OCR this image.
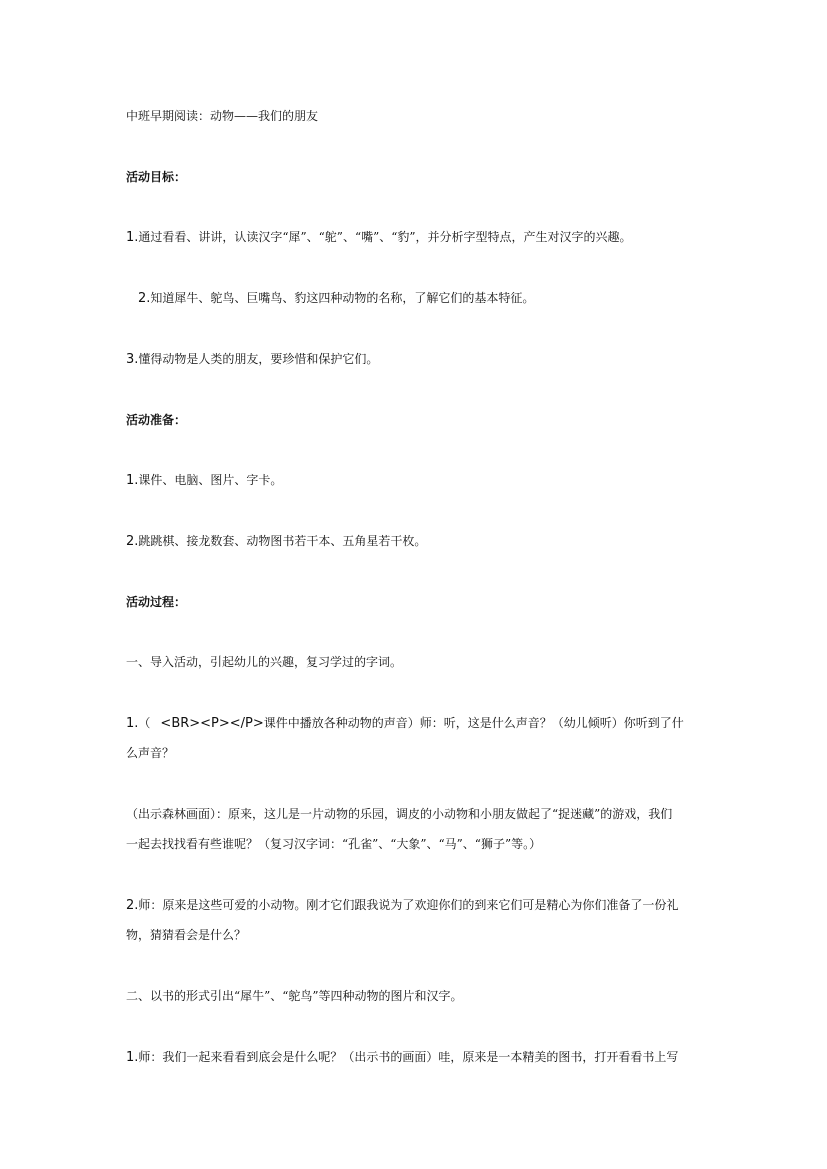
中班早期阅读：动物——我们的朋友
活动目标：
1.通过看看、讲讲，认读汉字“犀”、“鸵”、“嘴”、“豹”，并分析字型特点，产生对汉字的兴趣。
2.知道犀牛、鸵鸟、巨嘴鸟、豹这四种动物的名称，了解它们的基本特征。
3.懂得动物是人类的朋友，要珍惜和保护它们。
活动准备：
1.课件、电脑、图片、字卡。
2.跳跳棋、接龙数套、动物图书若干本、五角星若干枚。
活动过程：
一、导入活动，引起幼儿的兴趣，复习学过的字词。
1.（ <BR><P></P>课件中播放各种动物的声音）师：听，这是什么声音？（幼儿倾听）你听到了什
么声音？
（出示森林画面）：原来，这儿是一片动物的乐园，调皮的小动物和小朋友做起了“捉迷藏”的游戏，我们
一起去找找看有些谁呢？（复习汉字词：“孔雀”、“大象”、“马”、“狮子”等。）
2.师：原来是这些可爱的小动物。刚才它们跟我说为了欢迎你们的到来它们可是精心为你们准备了一份礼
物，猜猜看会是什么？
二、以书的形式引出“犀牛”、“鸵鸟”等四种动物的图片和汉字。
1.师：我们一起来看看到底会是什么呢？（出示书的画面）哇，原来是一本精美的图书，打开看看书上写
